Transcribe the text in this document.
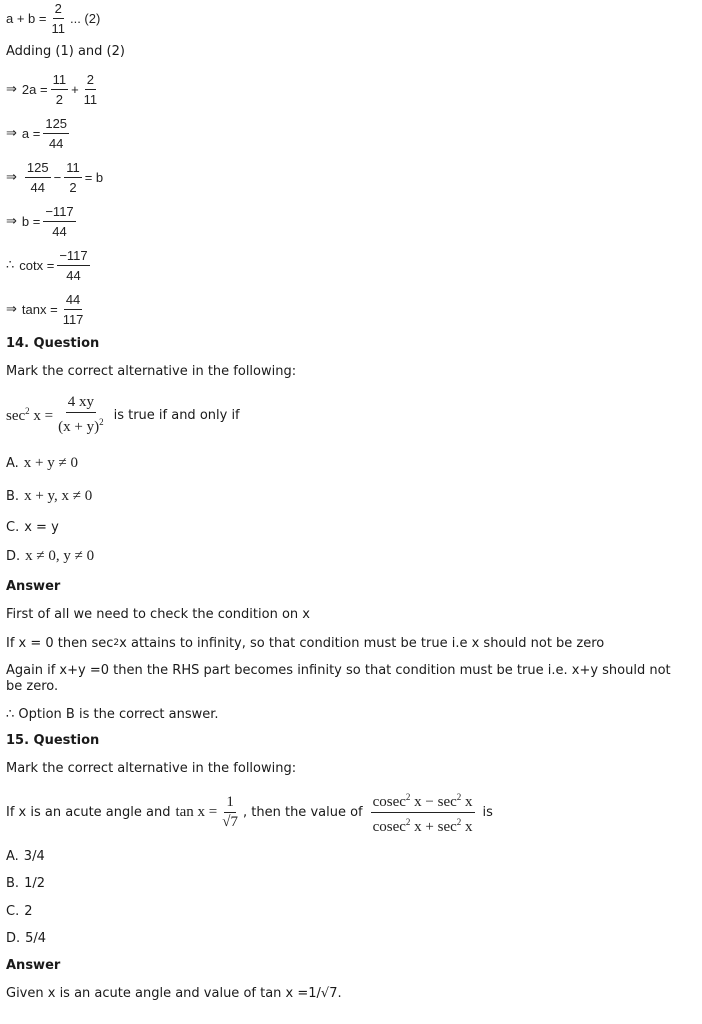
$a + b = \frac{2}{11}$ ... (2)
Adding (1) and (2)
⇒ $2a = \frac{11}{2} + \frac{2}{11}$
⇒ $a = \frac{125}{44}$
⇒ $\frac{125}{44} - \frac{11}{2} = b$
⇒ $b = \frac{-117}{44}$
∴ $\cot x = \frac{-117}{44}$
⇒ $\tan x = \frac{44}{117}$
14. Question
Mark the correct alternative in the following:
$\sec^2 x = \frac{4 xy}{(x + y)^2}$ is true if and only if
A. x + y ≠ 0
B. x + y, x ≠ 0
C. x = y
D. x ≠ 0, y ≠ 0
Answer
First of all we need to check the condition on x
If x = 0 then sec 2 x attains to infinity, so that condition must be true i.e x should not be zero
Again if x+y =0 then the RHS part becomes infinity so that condition must be true i.e. x+y should not be zero.
∴ Option B is the correct answer.
15. Question
Mark the correct alternative in the following:
If x is an acute angle and $\tan x = \frac{1}{√7}$ , then the value of $\frac{cosec^2 x - \sec^2 x}{cosec^2 x + \sec^2 x}$ is
A. 3/4
B. 1/2
C. 2
D. 5/4
Answer
Given x is an acute angle and value of tan x =1/√7.
